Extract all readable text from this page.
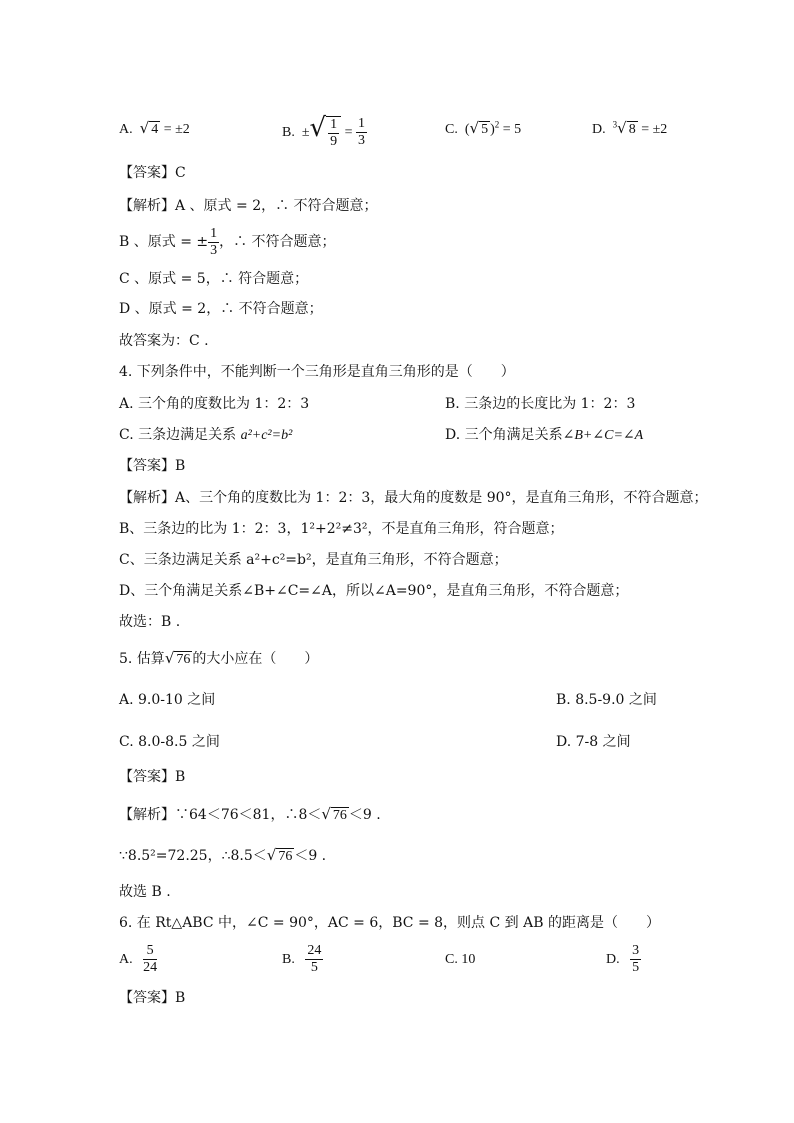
A. √ 4 = ±2	B. ±√ $\frac{1}{9} = \frac{1}{3}$	C. (√ 5 )$^2$ = 5	D. $^3$√ 8 = ±2
【答案】C
【解析】A 、原式 = 2，∴ 不符合题意；
B 、原式 = ± $\frac{1}{3}$ ，∴ 不符合题意；
C 、原式 = 5，∴ 符合题意；
D 、原式 = 2，∴ 不符合题意；
故答案为：C .
4. 下列条件中，不能判断一个三角形是直角三角形的是（　　）
A. 三个角的度数比为 1：2：3	B. 三条边的长度比为 1：2：3
C. 三条边满足关系 a²+c²=b²	D. 三个角满足关系∠B+∠C=∠A
【答案】B
【解析】A、三个角的度数比为 1：2：3，最大角的度数是 90°，是直角三角形，不符合题意；
B、三条边的比为 1：2：3，1²+2²≠3²，不是直角三角形，符合题意；
C、三条边满足关系 a²+c²=b²，是直角三角形，不符合题意；
D、三个角满足关系∠B+∠C=∠A，所以∠A=90°，是直角三角形，不符合题意；
故选：B .
5. 估算√ 76 的大小应在（　　）
A. 9.0-10 之间	B. 8.5-9.0 之间
C. 8.0-8.5 之间	D. 7-8 之间
【答案】B
【解析】∵64＜76＜81，∴8＜√ 76 ＜9 .
∵8.5²=72.25，∴8.5＜√ 76 ＜9 .
故选 B .
6. 在 Rt△ABC 中，∠C = 90°，AC = 6，BC = 8，则点 C 到 AB 的距离是（　　）
A. $\frac{5}{24}$	B. $\frac{24}{5}$	C. 10	D. $\frac{3}{5}$
【答案】B
